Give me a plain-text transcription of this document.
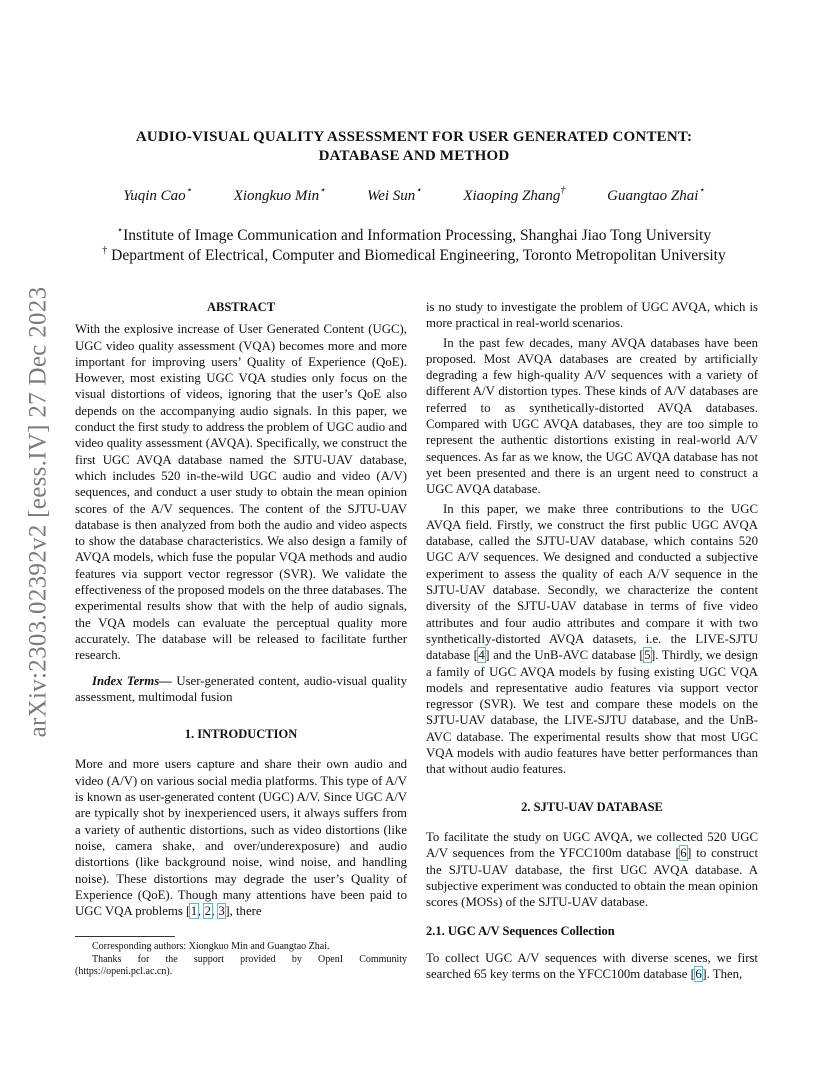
arXiv:2303.02392v2 [eess.IV] 27 Dec 2023
AUDIO-VISUAL QUALITY ASSESSMENT FOR USER GENERATED CONTENT:
DATABASE AND METHOD
Yuqin Cao⋆	Xiongkuo Min⋆	Wei Sun⋆	Xiaoping Zhang†	Guangtao Zhai⋆
⋆Institute of Image Communication and Information Processing, Shanghai Jiao Tong University
† Department of Electrical, Computer and Biomedical Engineering, Toronto Metropolitan University

ABSTRACT

With the explosive increase of User Generated Content (UGC), UGC video quality assessment (VQA) becomes more and more important for improving users’ Quality of Experience (QoE). However, most existing UGC VQA studies only focus on the visual distortions of videos, ignoring that the user’s QoE also depends on the accompanying audio signals. In this paper, we conduct the first study to address the problem of UGC audio and video quality assessment (AVQA). Specifically, we construct the first UGC AVQA database named the SJTU-UAV database, which includes 520 in-the-wild UGC audio and video (A/V) sequences, and conduct a user study to obtain the mean opinion scores of the A/V sequences. The content of the SJTU-UAV database is then analyzed from both the audio and video aspects to show the database characteristics. We also design a family of AVQA models, which fuse the popular VQA methods and audio features via support vector regressor (SVR). We validate the effectiveness of the proposed models on the three databases. The experimental results show that with the help of audio signals, the VQA models can evaluate the perceptual quality more accurately. The database will be released to facilitate further research.

Index Terms— User-generated content, audio-visual quality assessment, multimodal fusion

1. INTRODUCTION

More and more users capture and share their own audio and video (A/V) on various social media platforms. This type of A/V is known as user-generated content (UGC) A/V. Since UGC A/V are typically shot by inexperienced users, it always suffers from a variety of authentic distortions, such as video distortions (like noise, camera shake, and over/underexposure) and audio distortions (like background noise, wind noise, and handling noise). These distortions may degrade the user’s Quality of Experience (QoE). Though many attentions have been paid to UGC VQA problems [1, 2, 3], there

is no study to investigate the problem of UGC AVQA, which is more practical in real-world scenarios.

In the past few decades, many AVQA databases have been proposed. Most AVQA databases are created by artificially degrading a few high-quality A/V sequences with a variety of different A/V distortion types. These kinds of A/V databases are referred to as synthetically-distorted AVQA databases. Compared with UGC AVQA databases, they are too simple to represent the authentic distortions existing in real-world A/V sequences. As far as we know, the UGC AVQA database has not yet been presented and there is an urgent need to construct a UGC AVQA database.

In this paper, we make three contributions to the UGC AVQA field. Firstly, we construct the first public UGC AVQA database, called the SJTU-UAV database, which contains 520 UGC A/V sequences. We designed and conducted a subjective experiment to assess the quality of each A/V sequence in the SJTU-UAV database. Secondly, we characterize the content diversity of the SJTU-UAV database in terms of five video attributes and four audio attributes and compare it with two synthetically-distorted AVQA datasets, i.e. the LIVE-SJTU database [4] and the UnB-AVC database [5]. Thirdly, we design a family of UGC AVQA models by fusing existing UGC VQA models and representative audio features via support vector regressor (SVR). We test and compare these models on the SJTU-UAV database, the LIVE-SJTU database, and the UnB-AVC database. The experimental results show that most UGC VQA models with audio features have better performances than that without audio features.

2. SJTU-UAV DATABASE

To facilitate the study on UGC AVQA, we collected 520 UGC A/V sequences from the YFCC100m database [6] to construct the SJTU-UAV database, the first UGC AVQA database. A subjective experiment was conducted to obtain the mean opinion scores (MOSs) of the SJTU-UAV database.

2.1. UGC A/V Sequences Collection

To collect UGC A/V sequences with diverse scenes, we first searched 65 key terms on the YFCC100m database [6]. Then,

Corresponding authors: Xiongkuo Min and Guangtao Zhai.
Thanks for the support provided by OpenI Community (https://openi.pcl.ac.cn).
